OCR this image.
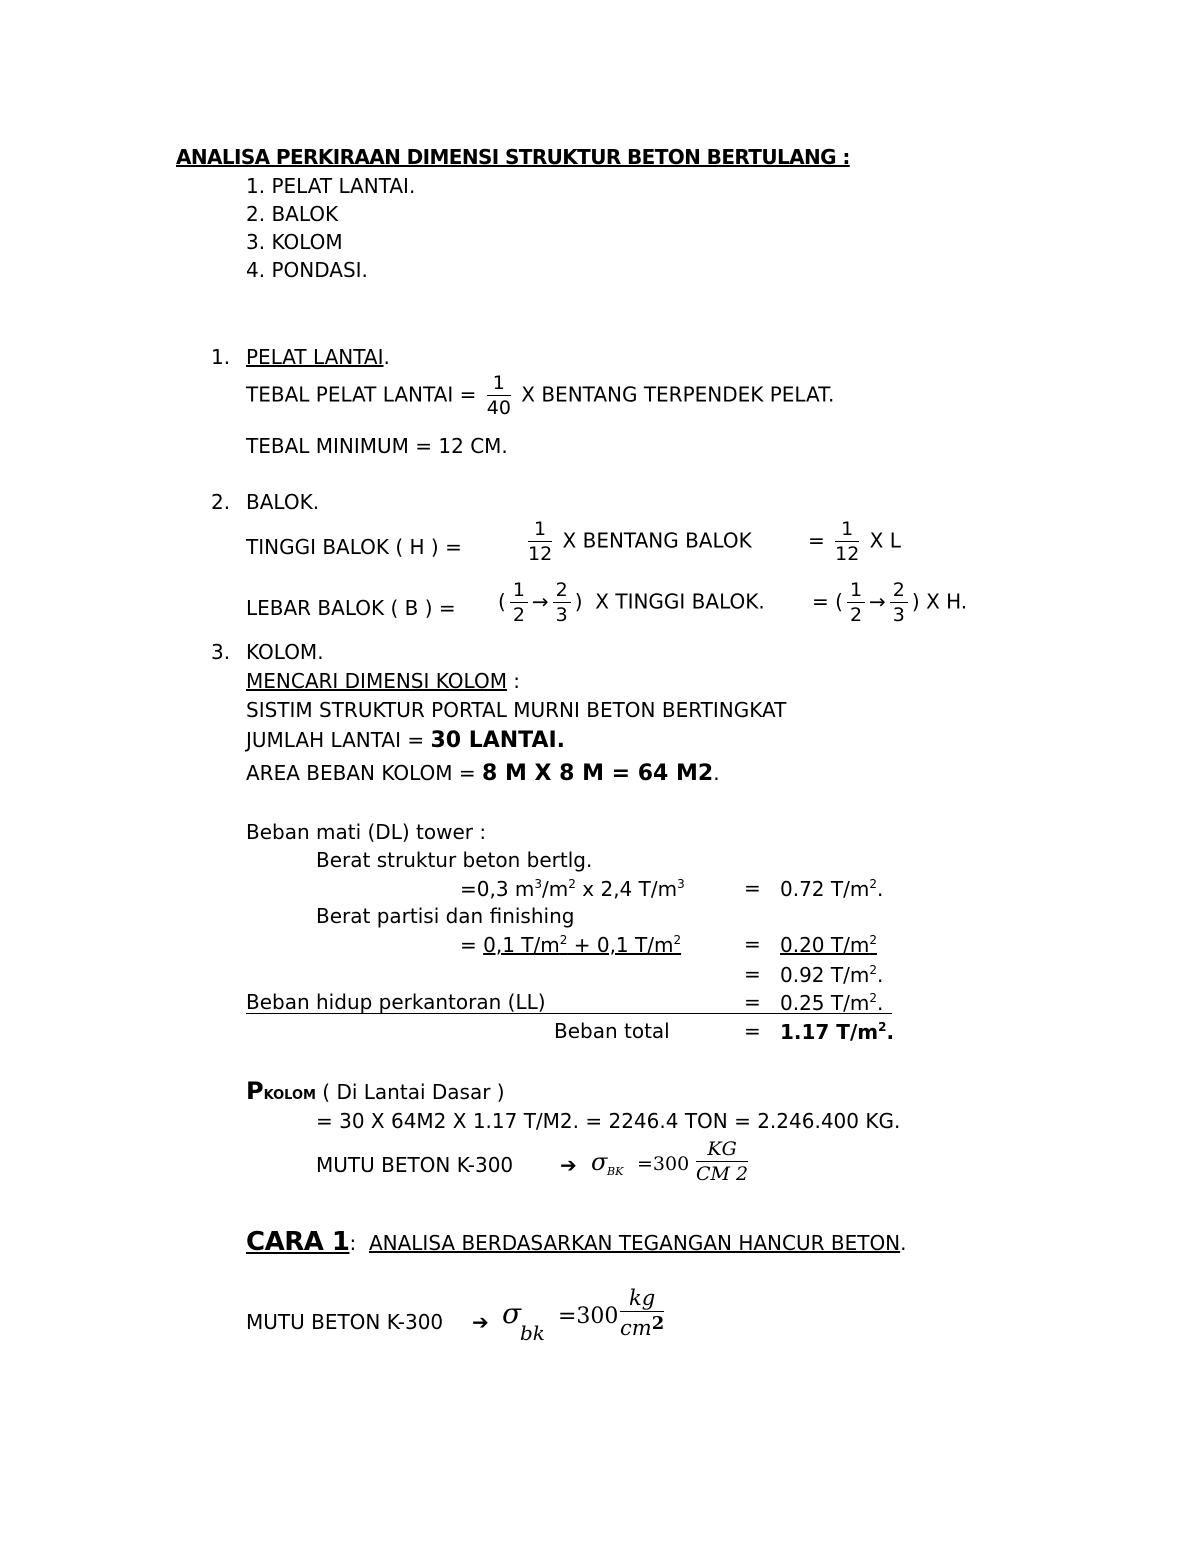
ANALISA PERKIRAAN DIMENSI STRUKTUR BETON BERTULANG :
1. PELAT LANTAI.
2. BALOK
3. KOLOM
4. PONDASI.
1. PELAT LANTAI.
TEBAL PELAT LANTAI = $\frac{1}{40}$ X BENTANG TERPENDEK PELAT.
TEBAL MINIMUM = 12 CM.
2. BALOK.
TINGGI BALOK ( H ) =	$\frac{1}{12}$ X BENTANG BALOK	= $\frac{1}{12}$ X L
LEBAR BALOK ( B ) = ( $\frac{1}{2} \to \frac{2}{3}$ ) X TINGGI BALOK. = ( $\frac{1}{2} \to \frac{2}{3}$ ) X H.
3. KOLOM.
MENCARI DIMENSI KOLOM :
SISTIM STRUKTUR PORTAL MURNI BETON BERTINGKAT
JUMLAH LANTAI = 30 LANTAI.
AREA BEBAN KOLOM = 8 M X 8 M = 64 M2.
Beban mati (DL) tower :
Berat struktur beton bertlg.
=0,3 $m^3/m^2$ x 2,4 $T/m^3$	= 0.72 $T/m^2$.
Berat partisi dan finishing
= 0,1 $T/m^2 + 0,1$ $T/m^2$	= 0.20 $T/m^2$
= 0.92 $T/m^2$.
Beban hidup perkantoran (LL)	= 0.25 $T/m^2$.
Beban total	= 1.17 $T/m^2$.
PKOLOM ( Di Lantai Dasar )
= 30 X 64M2 X 1.17 T/M2. = 2246.4 TON = 2.246.400 KG.
MUTU BETON K-300 ➔ σ BK $=300 \frac{KG}{CM 2}$
CARA 1: ANALISA BERDASARKAN TEGANGAN HANCUR BETON.
MUTU BETON K-300 ➔ σ
bk
$=300 \frac{kg}{cm2}$
